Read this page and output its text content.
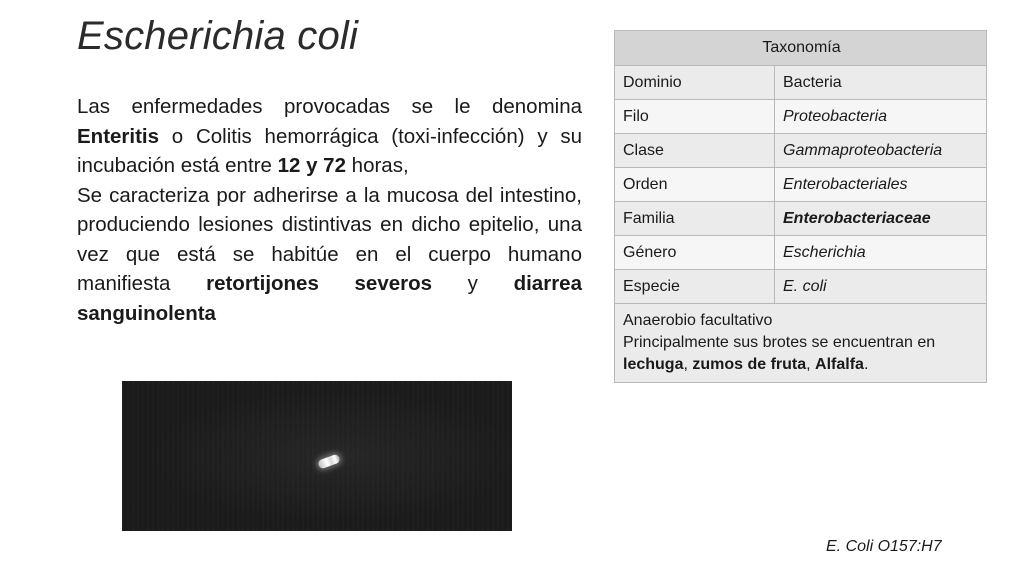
Escherichia coli

Las enfermedades provocadas se le denomina Enteritis o Colitis hemorrágica (toxi-infección) y su incubación está entre 12 y 72 horas,

Se caracteriza por adherirse a la mucosa del intestino, produciendo lesiones distintivas en dicho epitelio, una vez que está se habitúe en el cuerpo humano manifiesta retortijones severos y diarrea sanguinolenta

Taxonomía	
Dominio	Bacteria
Filo	Proteobacteria
Clase	Gammaproteobacteria
Orden	Enterobacteriales
Familia	Enterobacteriaceae
Género	Escherichia
Especie	E. coli
Anaerobio facultativo
Principalmente sus brotes se encuentran en lechuga, zumos de fruta, Alfalfa.	
E. Coli O157:H7
